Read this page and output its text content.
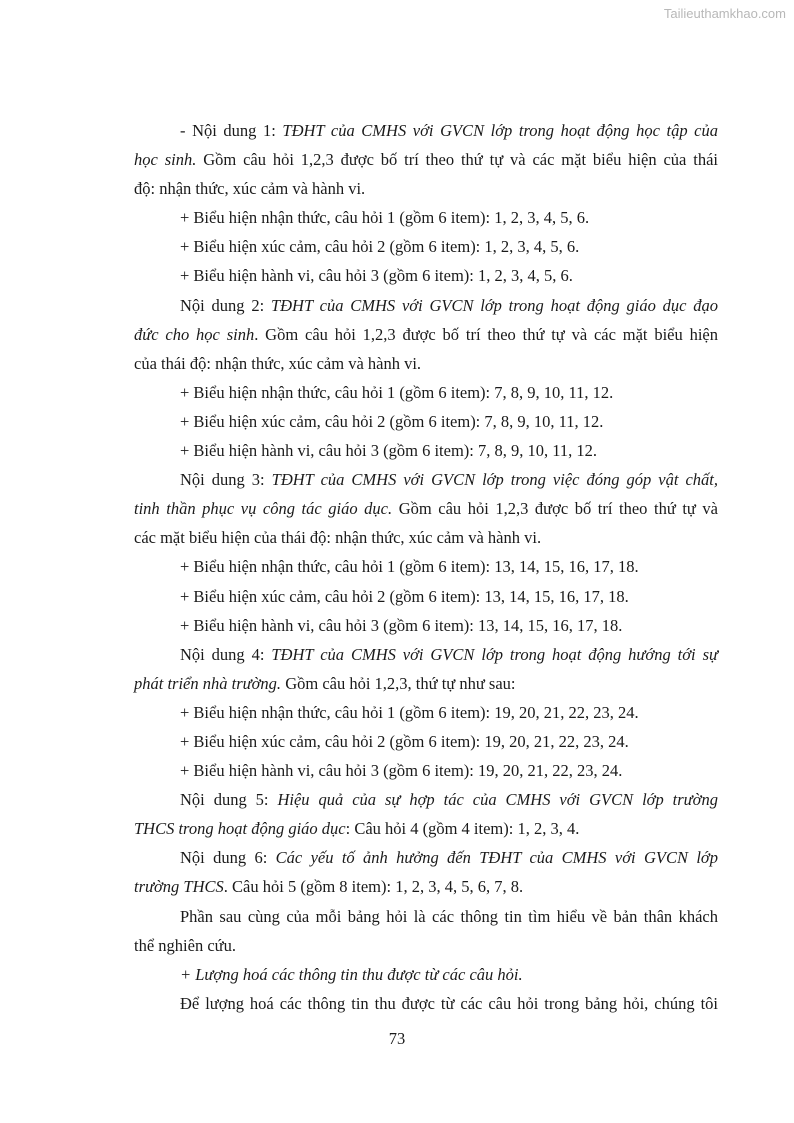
Tailieuthamkhao.com
- Nội dung 1: TĐHT của CMHS với GVCN lớp trong hoạt động học tập của
học sinh. Gồm câu hỏi 1,2,3 được bố trí theo thứ tự và các mặt biểu hiện của thái
độ: nhận thức, xúc cảm và hành vi.
+ Biểu hiện nhận thức, câu hỏi 1 (gồm 6 item): 1, 2, 3, 4, 5, 6.
+ Biểu hiện xúc cảm, câu hỏi 2 (gồm 6 item): 1, 2, 3, 4, 5, 6.
+ Biểu hiện hành vi, câu hỏi 3 (gồm 6 item): 1, 2, 3, 4, 5, 6.
Nội dung 2: TĐHT của CMHS với GVCN lớp trong hoạt động giáo dục đạo
đức cho học sinh. Gồm câu hỏi 1,2,3 được bố trí theo thứ tự và các mặt biểu hiện
của thái độ: nhận thức, xúc cảm và hành vi.
+ Biểu hiện nhận thức, câu hỏi 1 (gồm 6 item): 7, 8, 9, 10, 11, 12.
+ Biểu hiện xúc cảm, câu hỏi 2 (gồm 6 item): 7, 8, 9, 10, 11, 12.
+ Biểu hiện hành vi, câu hỏi 3 (gồm 6 item): 7, 8, 9, 10, 11, 12.
Nội dung 3: TĐHT của CMHS với GVCN lớp trong việc đóng góp vật chất,
tinh thần phục vụ công tác giáo dục. Gồm câu hỏi 1,2,3 được bố trí theo thứ tự và
các mặt biểu hiện của thái độ: nhận thức, xúc cảm và hành vi.
+ Biểu hiện nhận thức, câu hỏi 1 (gồm 6 item): 13, 14, 15, 16, 17, 18.
+ Biểu hiện xúc cảm, câu hỏi 2 (gồm 6 item): 13, 14, 15, 16, 17, 18.
+ Biểu hiện hành vi, câu hỏi 3 (gồm 6 item): 13, 14, 15, 16, 17, 18.
Nội dung 4: TĐHT của CMHS với GVCN lớp trong hoạt động hướng tới sự
phát triển nhà trường. Gồm câu hỏi 1,2,3, thứ tự như sau:
+ Biểu hiện nhận thức, câu hỏi 1 (gồm 6 item): 19, 20, 21, 22, 23, 24.
+ Biểu hiện xúc cảm, câu hỏi 2 (gồm 6 item): 19, 20, 21, 22, 23, 24.
+ Biểu hiện hành vi, câu hỏi 3 (gồm 6 item): 19, 20, 21, 22, 23, 24.
Nội dung 5: Hiệu quả của sự hợp tác của CMHS với GVCN lớp trường
THCS trong hoạt động giáo dục: Câu hỏi 4 (gồm 4 item): 1, 2, 3, 4.
Nội dung 6: Các yếu tố ảnh hưởng đến TĐHT của CMHS với GVCN lớp
trường THCS. Câu hỏi 5 (gồm 8 item): 1, 2, 3, 4, 5, 6, 7, 8.
Phần sau cùng của mỗi bảng hỏi là các thông tin tìm hiểu về bản thân khách
thể nghiên cứu.
+ Lượng hoá các thông tin thu được từ các câu hỏi.
Để lượng hoá các thông tin thu được từ các câu hỏi trong bảng hỏi, chúng tôi
73
